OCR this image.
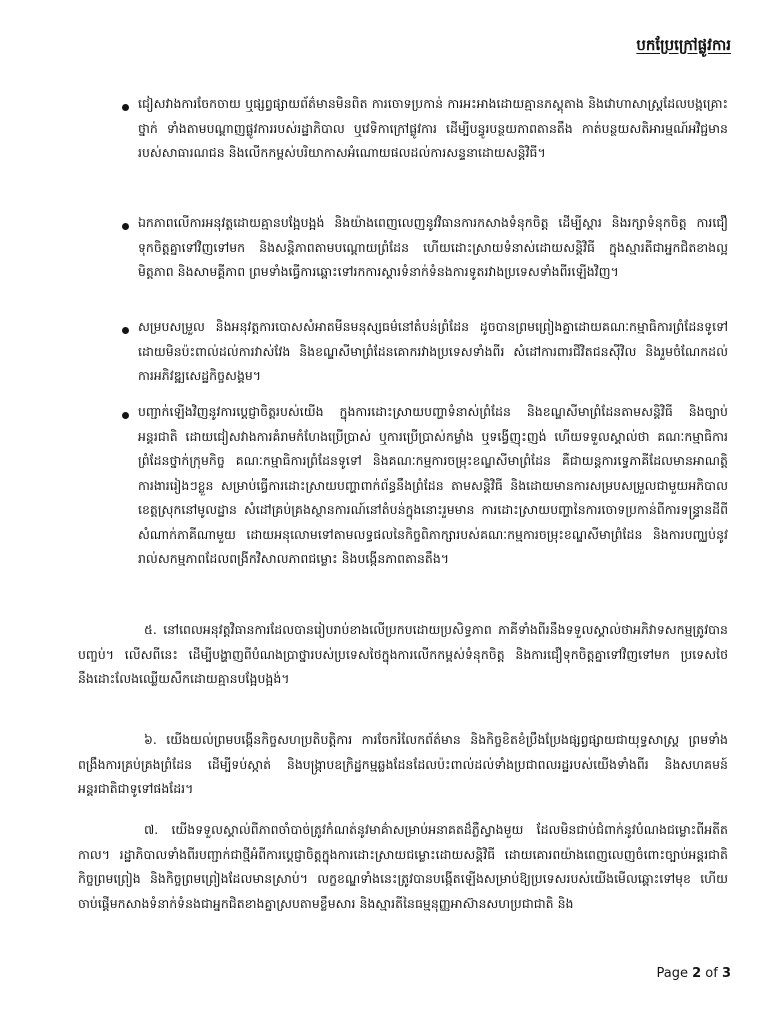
បកប្រែក្រៅផ្លូវការ
ជៀសវាងការចែកចាយ ឬផ្សព្វផ្សាយព័ត៌មានមិនពិត ការចោទប្រកាន់ ការអះអាងដោយគ្មានភស្តុតាង និងវោហាសាស្ត្រដែលបង្កគ្រោះថ្នាក់ ទាំងតាមបណ្តាញផ្លូវការរបស់រដ្ឋាភិបាល ឬវេទិកាក្រៅផ្លូវការ ដើម្បីបន្ធូរបន្ថយភាពតានតឹង កាត់បន្ថយសតិអារម្មណ៍អវិជ្ជមានរបស់សាធារណជន និងលើកកម្ពស់បរិយាកាសអំណោយផលដល់ការសន្ទនាដោយសន្តិវិធី។
ឯកភាពលើការអនុវត្តដោយគ្មានបង្អែបង្អង់ និងយ៉ាងពេញលេញនូវវិធានការកសាងទំនុកចិត្ត ដើម្បីស្តារ និងរក្សាទំនុកចិត្ត ការជឿទុកចិត្តគ្នាទៅវិញទៅមក និងសន្តិភាពតាមបណ្តោយព្រំដែន ហើយដោះស្រាយទំនាស់ដោយសន្តិវិធី ក្នុងស្មារតីជាអ្នកជិតខាងល្អ មិត្តភាព និងសាមគ្គីភាព ព្រមទាំងធ្វើការឆ្ពោះទៅរកការស្តារទំនាក់ទំនងការទូតរវាងប្រទេសទាំងពីរឡើងវិញ។
សម្របសម្រួល និងអនុវត្តការបោសសំអាតមីនមនុស្សធម៌នៅតំបន់ព្រំដែន ដូចបានព្រមព្រៀងគ្នាដោយគណៈកម្មាធិការព្រំដែនទូទៅ ដោយមិនប៉ះពាល់ដល់ការវាស់វែង និងខណ្ឌសីមាព្រំដែនគោករវាងប្រទេសទាំងពីរ សំដៅការពារជីវិតជនស៊ីវិល និងរួមចំណែកដល់ការអភិវឌ្ឍសេដ្ឋកិច្ចសង្គម។
បញ្ជាក់ឡើងវិញនូវការប្តេជ្ញាចិត្តរបស់យើង ក្នុងការដោះស្រាយបញ្ហាទំនាស់ព្រំដែន និងខណ្ឌសីមាព្រំដែនតាមសន្តិវិធី និងច្បាប់អន្តរជាតិ ដោយជៀសវាងការគំរាមកំហែងប្រើប្រាស់ ឬការប្រើប្រាស់កម្លាំង ឬទង្វើញុះញង់ ហើយទទួលស្គាល់ថា គណៈកម្មាធិការព្រំដែនថ្នាក់ក្រុមកិច្ច គណៈកម្មាធិការព្រំដែនទូទៅ និងគណៈកម្មការចម្រុះខណ្ឌសីមាព្រំដែន គឺជាយន្តការទ្វេភាគីដែលមានអាណត្តិការងាររៀងៗខ្លួន សម្រាប់ធ្វើការដោះស្រាយបញ្ហាពាក់ព័ន្ធនឹងព្រំដែន តាមសន្តិវិធី និងដោយមានការសម្របសម្រួលជាមួយអភិបាលខេត្តស្រុកនៅមូលដ្ឋាន សំដៅគ្រប់គ្រងស្ថានការណ៍នៅតំបន់ក្នុងនោះរួមមាន ការដោះស្រាយបញ្ហានៃការចោទប្រកាន់ពីការទន្ទ្រានដីពីសំណាក់ភាគីណាមួយ ដោយអនុលោមទៅតាមលទ្ធផលនៃកិច្ចពិភាក្សារបស់គណៈកម្មការចម្រុះខណ្ឌសីមាព្រំដែន និងការបញ្ឈប់នូវរាល់សកម្មភាពដែលពង្រីកវិសាលភាពជម្លោះ និងបង្កើនភាពតានតឹង។
៥. នៅពេលអនុវត្តវិធានការដែលបានរៀបរាប់ខាងលើប្រកបដោយប្រសិទ្ធភាព ភាគីទាំងពីរនឹងទទួលស្គាល់ថាអភិវាទសកម្មត្រូវបានបញ្ចប់។ លើសពីនេះ ដើម្បីបង្ហាញពីបំណងប្រាថ្នារបស់ប្រទេសថៃក្នុងការលើកកម្ពស់ទំនុកចិត្ត និងការជឿទុកចិត្តគ្នាទៅវិញទៅមក ប្រទេសថៃនឹងដោះលែងឈ្លើយសឹកដោយគ្មានបង្អែបង្អង់។
៦. យើងយល់ព្រមបង្កើនកិច្ចសហប្រតិបត្តិការ ការចែករំលែកព័ត៌មាន និងកិច្ចខិតខំប្រឹងប្រែងផ្សព្វផ្សាយជាយុទ្ធសាស្ត្រ ព្រមទាំងពង្រឹងការគ្រប់គ្រងព្រំដែន ដើម្បីទប់ស្កាត់ និងបង្ក្រាបឧក្រិដ្ឋកម្មឆ្លងដែនដែលប៉ះពាល់ដល់ទាំងប្រជាពលរដ្ឋរបស់យើងទាំងពីរ និងសហគមន៍អន្តរជាតិជាទូទៅផងដែរ។
៧. យើងទទួលស្គាល់ពីភាពចាំបាច់ត្រូវកំណត់នូវមាគ៌ាសម្រាប់អនាគតដ៏ភ្លឺស្វាងមួយ ដែលមិនជាប់ជំពាក់នូវបំណងជម្លោះពីអតីតកាល។ រដ្ឋាភិបាលទាំងពីរបញ្ជាក់ជាថ្មីអំពីការប្តេជ្ញាចិត្តក្នុងការដោះស្រាយជម្លោះដោយសន្តិវិធី ដោយគោរពយ៉ាងពេញលេញចំពោះច្បាប់អន្តរជាតិ កិច្ចព្រមព្រៀង និងកិច្ចព្រមព្រៀងដែលមានស្រាប់។ លក្ខខណ្ឌទាំងនេះត្រូវបានបង្កើតឡើងសម្រាប់ឱ្យប្រទេសរបស់យើងមើលឆ្ពោះទៅមុខ ហើយចាប់ផ្តើមកសាងទំនាក់ទំនងជាអ្នកជិតខាងគ្នាស្របតាមខ្លឹមសារ និងស្មារតីនៃធម្មនុញ្ញអាស៊ានសហប្រជាជាតិ និង
Page 2 of 3
